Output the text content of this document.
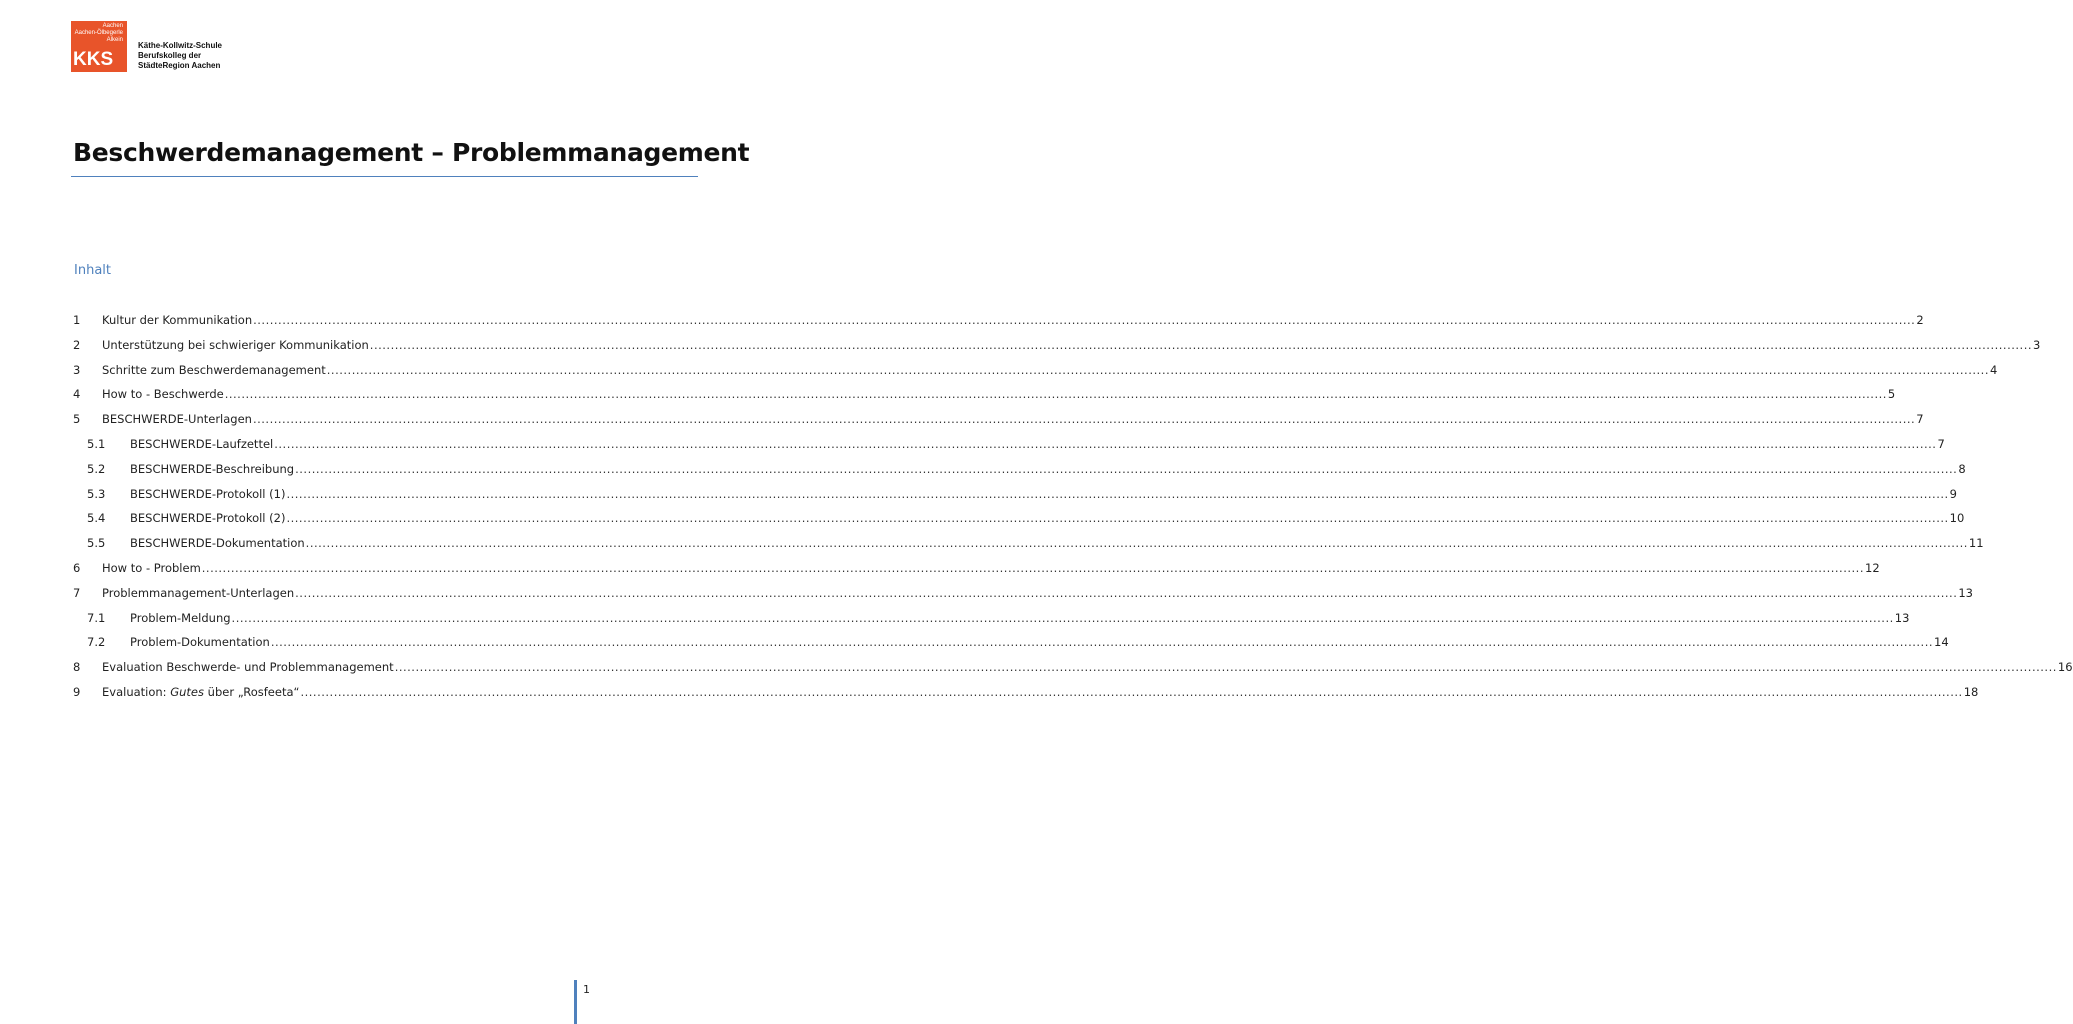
Aachen
Aachen-Ölbegerle
Alkein
KKS
Käthe-Kollwitz-Schule
Berufskolleg der
StädteRegion Aachen
Beschwerdemanagement – Problemmanagement
Inhalt
1 Kultur der Kommunikation ................................................................................................................................................................................................................................................................................................................................................................................................................ 2
2 Unterstützung bei schwieriger Kommunikation ................................................................................................................................................................................................................................................................................................................................................................................................................ 3
3 Schritte zum Beschwerdemanagement ................................................................................................................................................................................................................................................................................................................................................................................................................ 4
4 How to - Beschwerde ................................................................................................................................................................................................................................................................................................................................................................................................................ 5
5 BESCHWERDE-Unterlagen ................................................................................................................................................................................................................................................................................................................................................................................................................ 7
5.1 BESCHWERDE-Laufzettel ................................................................................................................................................................................................................................................................................................................................................................................................................ 7
5.2 BESCHWERDE-Beschreibung ................................................................................................................................................................................................................................................................................................................................................................................................................ 8
5.3 BESCHWERDE-Protokoll (1) ................................................................................................................................................................................................................................................................................................................................................................................................................ 9
5.4 BESCHWERDE-Protokoll (2) ................................................................................................................................................................................................................................................................................................................................................................................................................ 10
5.5 BESCHWERDE-Dokumentation ................................................................................................................................................................................................................................................................................................................................................................................................................ 11
6 How to - Problem ................................................................................................................................................................................................................................................................................................................................................................................................................ 12
7 Problemmanagement-Unterlagen ................................................................................................................................................................................................................................................................................................................................................................................................................ 13
7.1 Problem-Meldung ................................................................................................................................................................................................................................................................................................................................................................................................................ 13
7.2 Problem-Dokumentation ................................................................................................................................................................................................................................................................................................................................................................................................................ 14
8 Evaluation Beschwerde- und Problemmanagement ................................................................................................................................................................................................................................................................................................................................................................................................................ 16
9 Evaluation: Gutes über „Rosfeeta“ ................................................................................................................................................................................................................................................................................................................................................................................................................ 18
1
